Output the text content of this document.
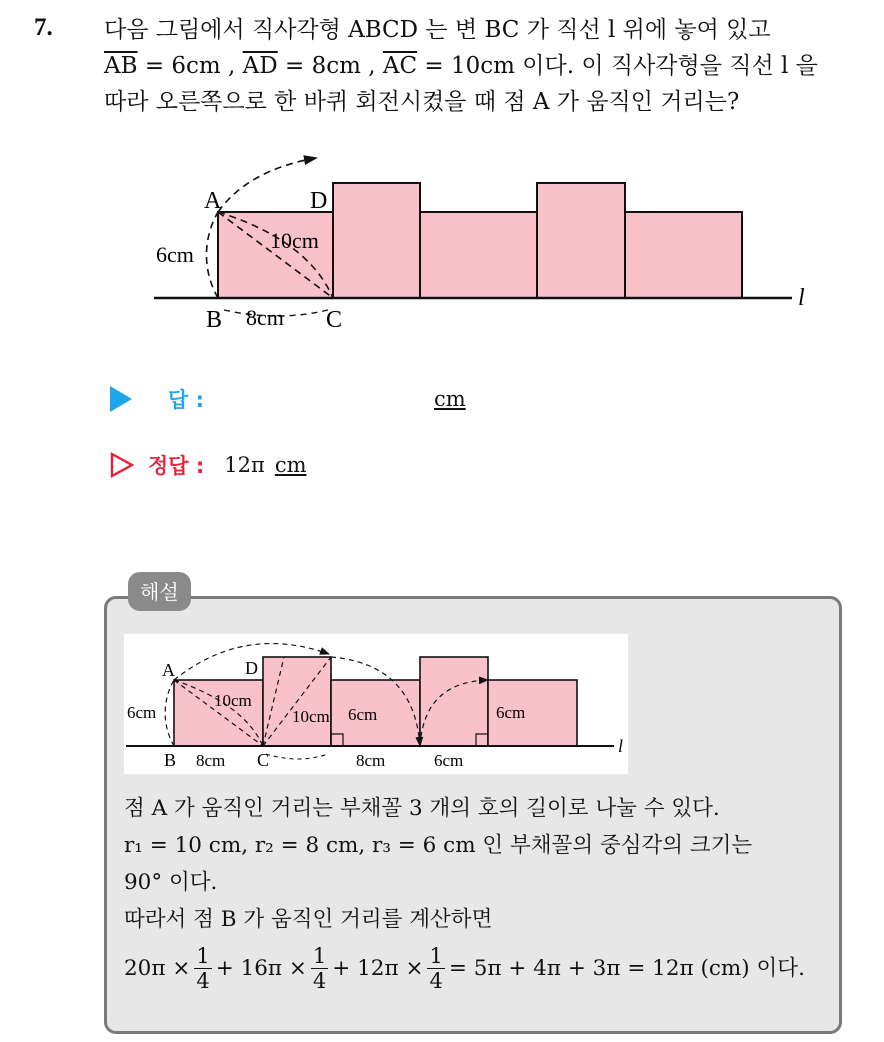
7. 다음 그림에서 직사각형 ABCD 는 변 BC 가 직선 l 위에 놓여 있고
$\overline{AB} = 6cm$ , $\overline{AD} = 8cm$ , $\overline{AC} = 10cm$ 이다. 이 직사각형을 직선 l 을
따라 오른쪽으로 한 바퀴 회전시켰을 때 점 A 가 움직인 거리는?
A	D
B	C
l
6cm
10cm
8cm
답 :	cm
정답 : 12π cm
해설
A	D
B	C
l
6cm
10cm
10cm 6cm	6cm
8cm	8cm	6cm
점 A 가 움직인 거리는 부채꼴 3 개의 호의 길이로 나눌 수 있다.
r₁ = 10 cm, r₂ = 8 cm, r₃ = 6 cm 인 부채꼴의 중심각의 크기는
90° 이다.
따라서 점 B 가 움직인 거리를 계산하면
$20\pi \times \frac{1}{4} + 16\pi \times \frac{1}{4} + 12\pi \times \frac{1}{4} = 5\pi + 4\pi + 3\pi = 12\pi$ (cm) 이다.
